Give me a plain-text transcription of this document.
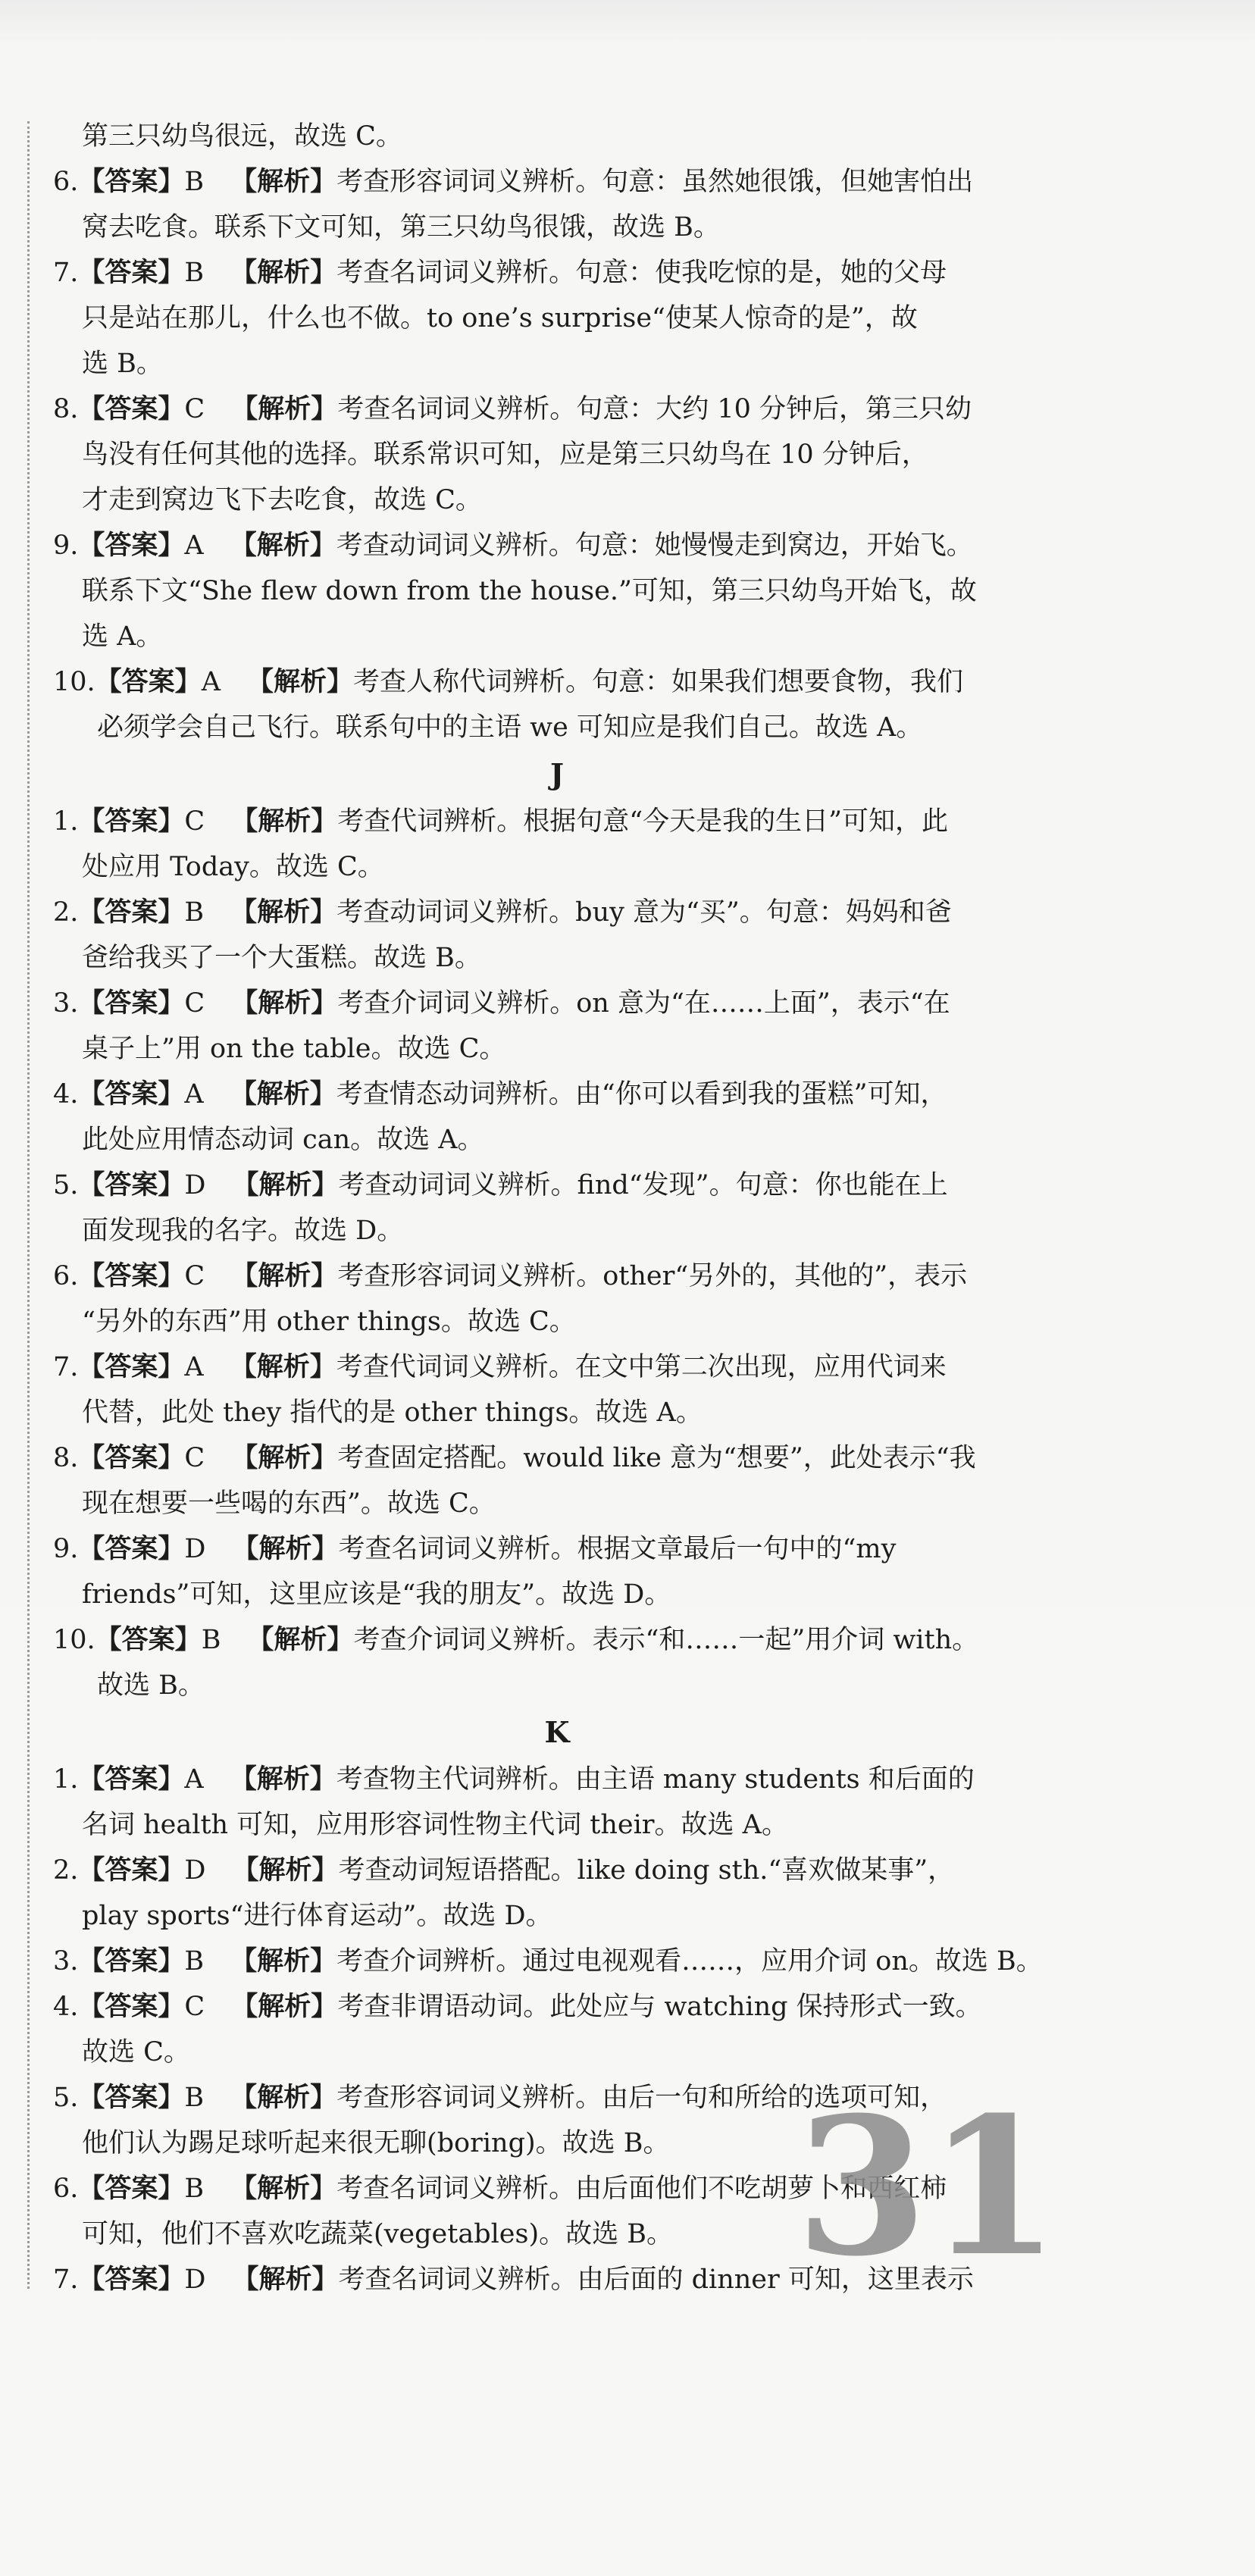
第三只幼鸟很远，故选 C。
6.【答案】B  【解析】考查形容词词义辨析。句意：虽然她很饿，但她害怕出
窝去吃食。联系下文可知，第三只幼鸟很饿，故选 B。
7.【答案】B  【解析】考查名词词义辨析。句意：使我吃惊的是，她的父母
只是站在那儿，什么也不做。to one’s surprise“使某人惊奇的是”，故
选 B。
8.【答案】C  【解析】考查名词词义辨析。句意：大约 10 分钟后，第三只幼
鸟没有任何其他的选择。联系常识可知，应是第三只幼鸟在 10 分钟后，
才走到窝边飞下去吃食，故选 C。
9.【答案】A  【解析】考查动词词义辨析。句意：她慢慢走到窝边，开始飞。
联系下文“She flew down from the house.”可知，第三只幼鸟开始飞，故
选 A。
10.【答案】A  【解析】考查人称代词辨析。句意：如果我们想要食物，我们
必须学会自己飞行。联系句中的主语 we 可知应是我们自己。故选 A。
J
1.【答案】C  【解析】考查代词辨析。根据句意“今天是我的生日”可知，此
处应用 Today。故选 C。
2.【答案】B  【解析】考查动词词义辨析。buy 意为“买”。句意：妈妈和爸
爸给我买了一个大蛋糕。故选 B。
3.【答案】C  【解析】考查介词词义辨析。on 意为“在……上面”，表示“在
桌子上”用 on the table。故选 C。
4.【答案】A  【解析】考查情态动词辨析。由“你可以看到我的蛋糕”可知，
此处应用情态动词 can。故选 A。
5.【答案】D  【解析】考查动词词义辨析。find“发现”。句意：你也能在上
面发现我的名字。故选 D。
6.【答案】C  【解析】考查形容词词义辨析。other“另外的，其他的”，表示
“另外的东西”用 other things。故选 C。
7.【答案】A  【解析】考查代词词义辨析。在文中第二次出现，应用代词来
代替，此处 they 指代的是 other things。故选 A。
8.【答案】C  【解析】考查固定搭配。would like 意为“想要”，此处表示“我
现在想要一些喝的东西”。故选 C。
9.【答案】D  【解析】考查名词词义辨析。根据文章最后一句中的“my
friends”可知，这里应该是“我的朋友”。故选 D。
10.【答案】B  【解析】考查介词词义辨析。表示“和……一起”用介词 with。
故选 B。
K
1.【答案】A  【解析】考查物主代词辨析。由主语 many students 和后面的
名词 health 可知，应用形容词性物主代词 their。故选 A。
2.【答案】D  【解析】考查动词短语搭配。like doing sth.“喜欢做某事”，
play sports“进行体育运动”。故选 D。
3.【答案】B  【解析】考查介词辨析。通过电视观看……，应用介词 on。故选 B。
4.【答案】C  【解析】考查非谓语动词。此处应与 watching 保持形式一致。
故选 C。
5.【答案】B  【解析】考查形容词词义辨析。由后一句和所给的选项可知，
他们认为踢足球听起来很无聊(boring)。故选 B。
6.【答案】B  【解析】考查名词词义辨析。由后面他们不吃胡萝卜和西红柿
可知，他们不喜欢吃蔬菜(vegetables)。故选 B。
7.【答案】D  【解析】考查名词词义辨析。由后面的 dinner 可知，这里表示
31
